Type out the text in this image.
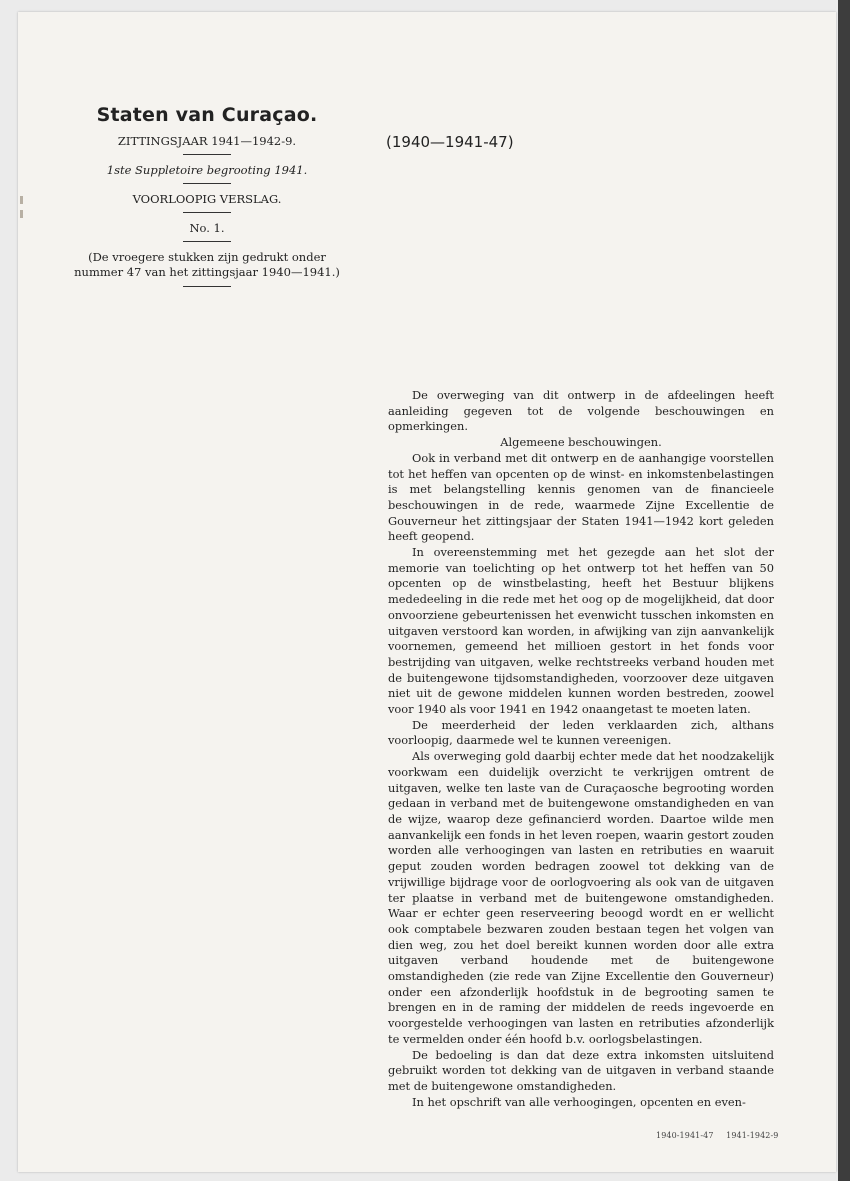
Staten van Curaçao.
ZITTINGSJAAR 1941—1942-9.
1ste Suppletoire begrooting 1941.
VOORLOOPIG VERSLAG.
No. 1.
(De vroegere stukken zijn gedrukt onder
nummer 47 van het zittingsjaar 1940—1941.)
(1940—1941-47)

De overweging van dit ontwerp in de afdeelingen heeft aanleiding gegeven tot de volgende beschouwingen en opmerkingen.

Algemeene beschouwingen.

Ook in verband met dit ontwerp en de aanhangige voorstellen tot het heffen van opcenten op de winst- en inkomstenbelastingen is met belangstelling kennis genomen van de financieele beschouwingen in de rede, waarmede Zijne Excellentie de Gouverneur het zittingsjaar der Staten 1941—1942 kort geleden heeft geopend.

In overeenstemming met het gezegde aan het slot der memorie van toelichting op het ontwerp tot het heffen van 50 opcenten op de winstbelasting, heeft het Bestuur blijkens mededeeling in die rede met het oog op de mogelijkheid, dat door onvoorziene gebeurtenissen het evenwicht tusschen inkomsten en uitgaven verstoord kan worden, in afwijking van zijn aanvankelijk voornemen, gemeend het millioen gestort in het fonds voor bestrijding van uitgaven, welke rechtstreeks verband houden met de buitengewone tijdsomstandigheden, voorzoover deze uitgaven niet uit de gewone middelen kunnen worden bestreden, zoowel voor 1940 als voor 1941 en 1942 onaangetast te moeten laten.

De meerderheid der leden verklaarden zich, althans voorloopig, daarmede wel te kunnen vereenigen.

Als overweging gold daarbij echter mede dat het noodzakelijk voorkwam een duidelijk overzicht te verkrijgen omtrent de uitgaven, welke ten laste van de Curaçaosche begrooting worden gedaan in verband met de buitengewone omstandigheden en van de wijze, waarop deze gefinancierd worden. Daartoe wilde men aanvankelijk een fonds in het leven roepen, waarin gestort zouden worden alle verhoogingen van lasten en retributies en waaruit geput zouden worden bedragen zoowel tot dekking van de vrijwillige bijdrage voor de oorlogvoering als ook van de uitgaven ter plaatse in verband met de buitengewone omstandigheden. Waar er echter geen reserveering beoogd wordt en er wellicht ook comptabele bezwaren zouden bestaan tegen het volgen van dien weg, zou het doel bereikt kunnen worden door alle extra uitgaven verband houdende met de buitengewone omstandigheden (zie rede van Zijne Excellentie den Gouverneur) onder een afzonderlijk hoofdstuk in de begrooting samen te brengen en in de raming der middelen de reeds ingevoerde en voorgestelde verhoogingen van lasten en retributies afzonderlijk te vermelden onder één hoofd b.v. oorlogsbelastingen.

De bedoeling is dan dat deze extra inkomsten uitsluitend gebruikt worden tot dekking van de uitgaven in verband staande met de buitengewone omstandigheden.

In het opschrift van alle verhoogingen, opcenten en even-

1940-1941-47 1941-1942-9
